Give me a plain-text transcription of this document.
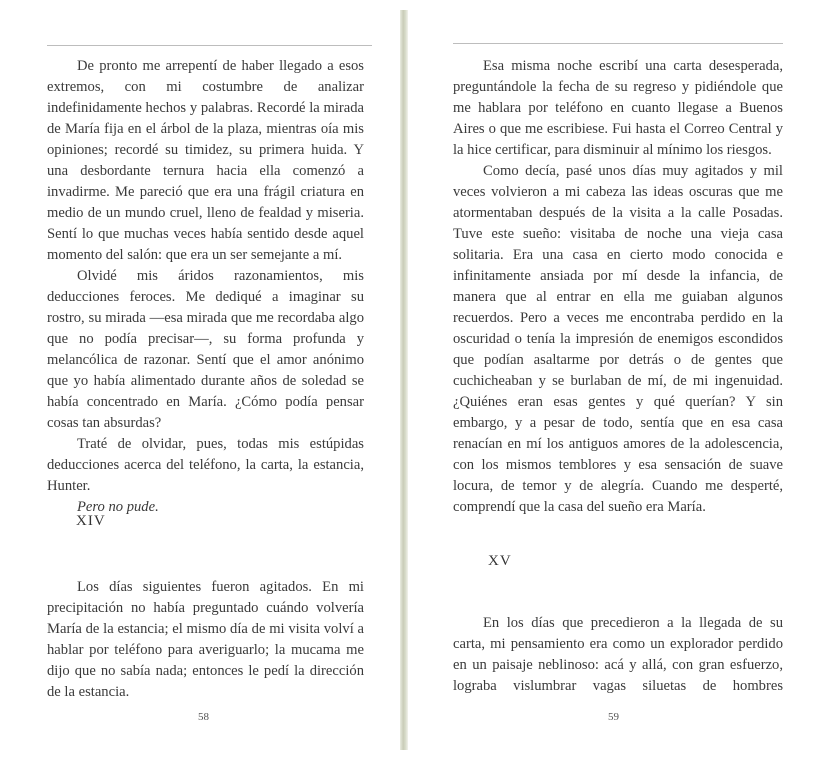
De pronto me arrepentí de haber llegado a esos extremos, con mi costumbre de analizar indefinidamente hechos y palabras. Recordé la mirada de María fija en el árbol de la plaza, mientras oía mis opiniones; recordé su timidez, su primera huida. Y una desbordante ternura hacia ella comenzó a invadirme. Me pareció que era una frágil criatura en medio de un mundo cruel, lleno de fealdad y miseria. Sentí lo que muchas veces había sentido desde aquel momento del salón: que era un ser semejante a mí.

Olvidé mis áridos razonamientos, mis deducciones feroces. Me dediqué a imaginar su rostro, su mirada —esa mirada que me recordaba algo que no podía precisar—, su forma profunda y melancólica de razonar. Sentí que el amor anónimo que yo había alimentado durante años de soledad se había concentrado en María. ¿Cómo podía pensar cosas tan absurdas?

Traté de olvidar, pues, todas mis estúpidas deducciones acerca del teléfono, la carta, la estancia, Hunter.

Pero no pude.

XIV

Los días siguientes fueron agitados. En mi precipitación no había preguntado cuándo volvería María de la estancia; el mismo día de mi visita volví a hablar por teléfono para averiguarlo; la mucama me dijo que no sabía nada; entonces le pedí la dirección de la estancia.

58

Esa misma noche escribí una carta desesperada, preguntándole la fecha de su regreso y pidiéndole que me hablara por teléfono en cuanto llegase a Buenos Aires o que me escribiese. Fui hasta el Correo Central y la hice certificar, para disminuir al mínimo los riesgos.

Como decía, pasé unos días muy agitados y mil veces volvieron a mi cabeza las ideas oscuras que me atormentaban después de la visita a la calle Posadas. Tuve este sueño: visitaba de noche una vieja casa solitaria. Era una casa en cierto modo conocida e infinitamente ansiada por mí desde la infancia, de manera que al entrar en ella me guiaban algunos recuerdos. Pero a veces me encontraba perdido en la oscuridad o tenía la impresión de enemigos escondidos que podían asaltarme por detrás o de gentes que cuchicheaban y se burlaban de mí, de mi ingenuidad. ¿Quiénes eran esas gentes y qué querían? Y sin embargo, y a pesar de todo, sentía que en esa casa renacían en mí los antiguos amores de la adolescencia, con los mismos temblores y esa sensación de suave locura, de temor y de alegría. Cuando me desperté, comprendí que la casa del sueño era María.

XV

En los días que precedieron a la llegada de su carta, mi pensamiento era como un explorador perdido en un paisaje neblinoso: acá y allá, con gran esfuerzo, lograba vislumbrar vagas siluetas de hombres

59
